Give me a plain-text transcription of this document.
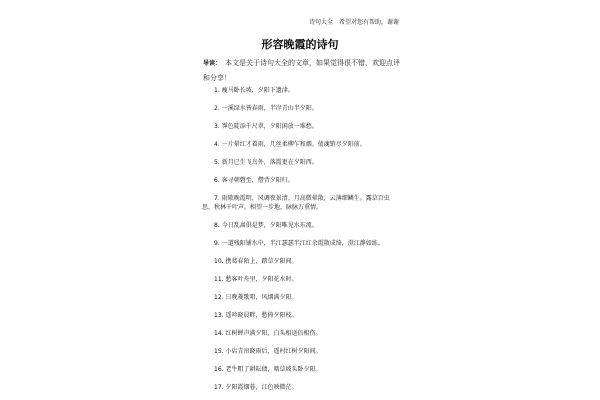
诗句大全 希望对您有帮助，谢谢
形容晚霞的诗句
导读： 本文是关于诗句大全的文章，如果觉得很不错，欢迎点评和分享！
1. 瘦马卧长坡，夕阳下遗津。
2. 一溪绿水皆春雨，半岸青山半夕阳。
3. 霁色陡添千尺翠，夕阳闲放一堆愁。
4. 一片晕红才着雨，几丝柔柳乍和烟。倩魂销尽夕阳前。
5. 新月已生飞鸟外，落霞更在夕阳西。
6. 客寻朝磬至，僧背夕阳归。
7. 雨歇晚霞明，风调夜景清。月高微晕散，云薄细鳞生。露草百虫思，秋林千叶声。相望一步地，脉脉万重情。
8. 今日乱离俱是梦，夕阳唯见水东流。
9. 一道残阳铺水中，半江瑟瑟半江红余霞散成绮，澄江静如练。
10. 携葛春陌上，踏草夕阳间。
11. 愁客叶舟里，夕阳花水时。
12. 日晚菱歌唱，风烟满夕阳。
13. 遥吟晓晨畔，愁倚夕阳枝。
14. 红树蝉声满夕阳，白头相送倍相伤。
15. 小店青帘晓雨后，遥村红树夕阳间。
16. 老牛粗了耕耘债，啮草坡头卧夕阳。
17. 夕阳霞烟暮，江色映微茫。
